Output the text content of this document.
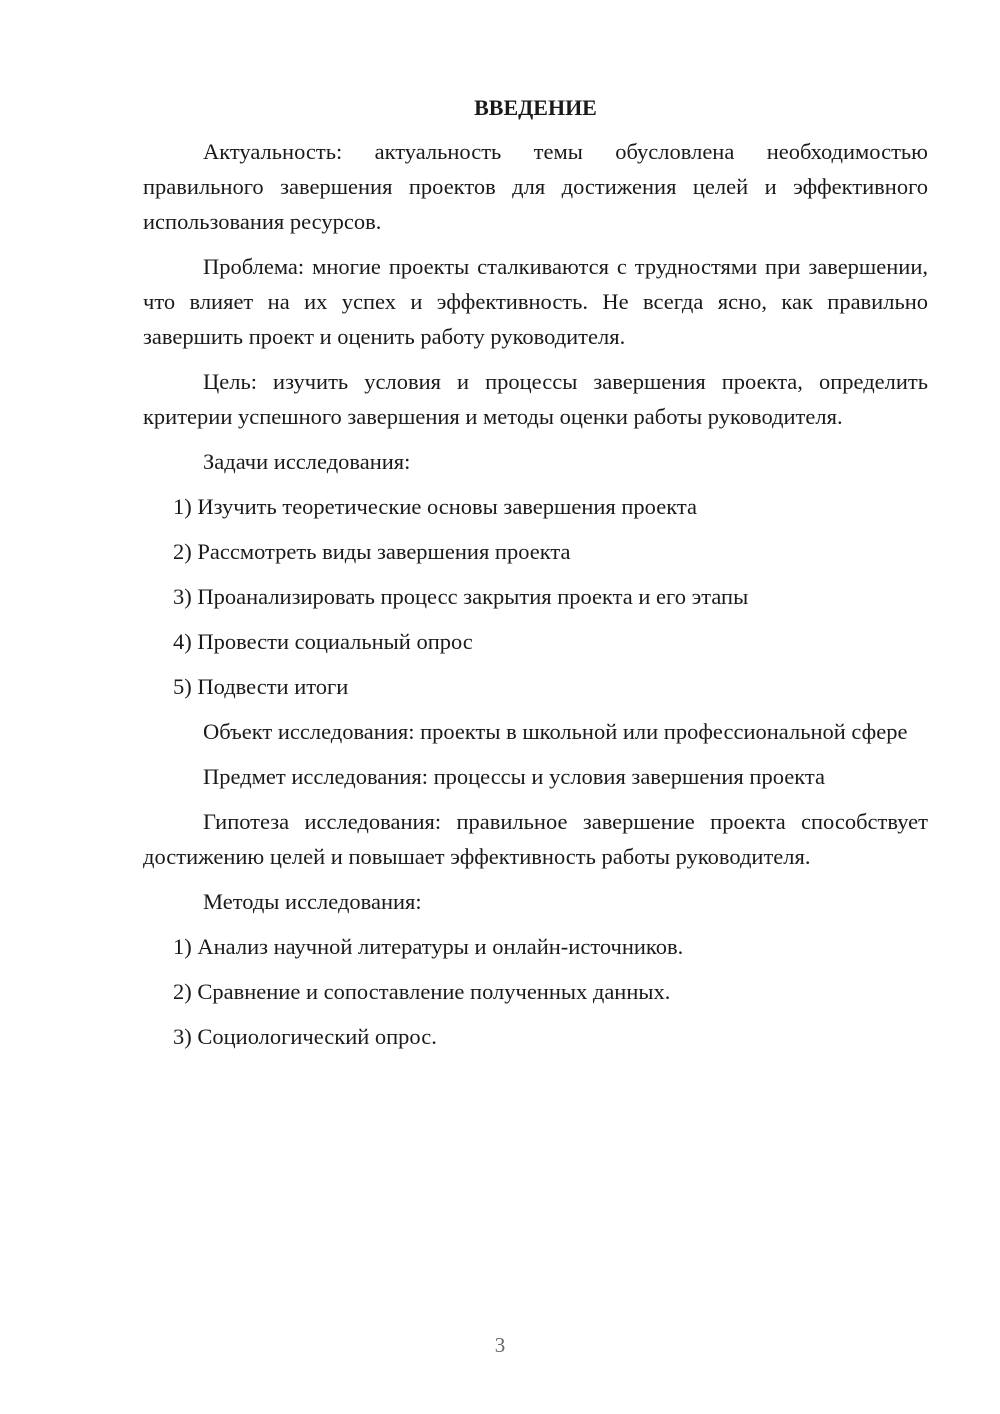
ВВЕДЕНИЕ

Актуальность: актуальность темы обусловлена необходимостью правильного завершения проектов для достижения целей и эффективного использования ресурсов.

Проблема: многие проекты сталкиваются с трудностями при завершении, что влияет на их успех и эффективность. Не всегда ясно, как правильно завершить проект и оценить работу руководителя.

Цель: изучить условия и процессы завершения проекта, определить критерии успешного завершения и методы оценки работы руководителя.

Задачи исследования:

1) Изучить теоретические основы завершения проекта
2) Рассмотреть виды завершения проекта
3) Проанализировать процесс закрытия проекта и его этапы
4) Провести социальный опрос
5) Подвести итоги

Объект исследования: проекты в школьной или профессиональной сфере

Предмет исследования: процессы и условия завершения проекта

Гипотеза исследования: правильное завершение проекта способствует достижению целей и повышает эффективность работы руководителя.

Методы исследования:

1) Анализ научной литературы и онлайн-источников.
2) Сравнение и сопоставление полученных данных.
3) Социологический опрос.
3
